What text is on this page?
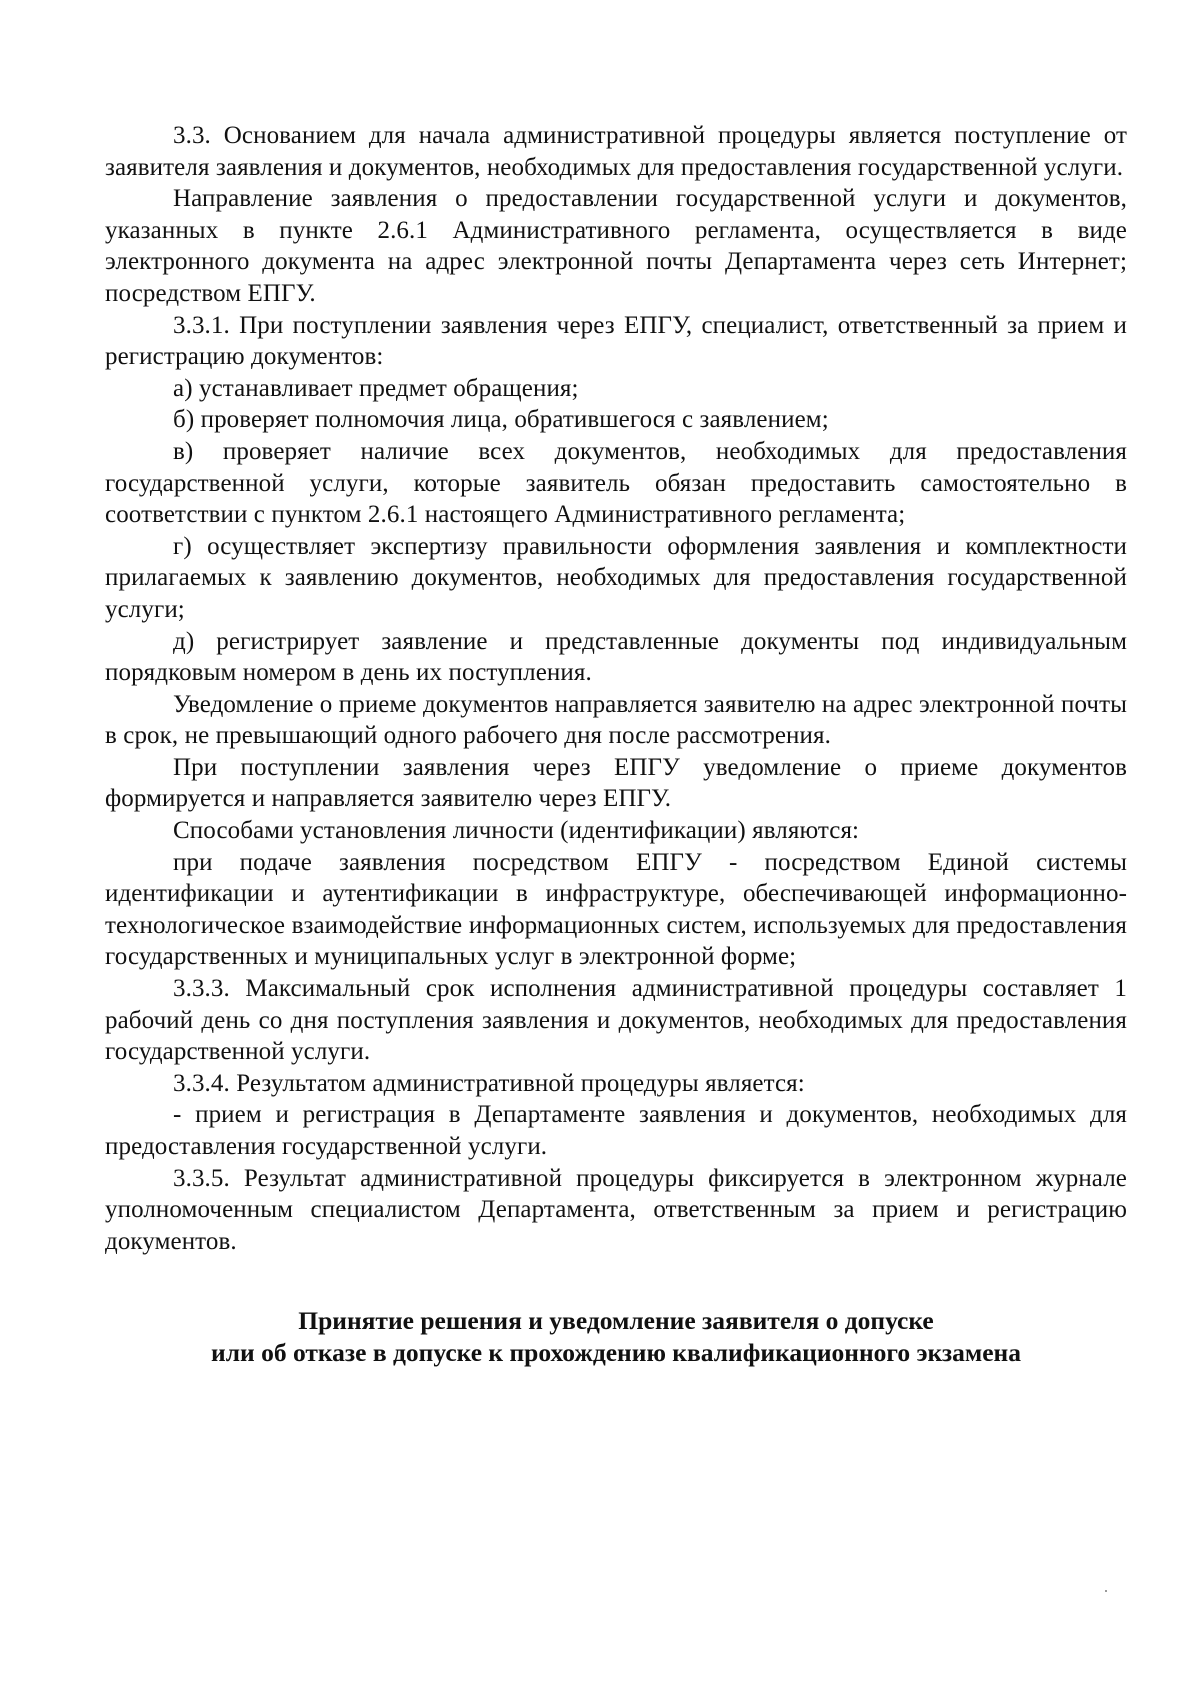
3.3. Основанием для начала административной процедуры является поступление от заявителя заявления и документов, необходимых для предоставления государственной услуги.

Направление заявления о предоставлении государственной услуги и документов, указанных в пункте 2.6.1 Административного регламента, осуществляется в виде электронного документа на адрес электронной почты Департамента через сеть Интернет; посредством ЕПГУ.

3.3.1. При поступлении заявления через ЕПГУ, специалист, ответственный за прием и регистрацию документов:

а) устанавливает предмет обращения;

б) проверяет полномочия лица, обратившегося с заявлением;

в) проверяет наличие всех документов, необходимых для предоставления государственной услуги, которые заявитель обязан предоставить самостоятельно в соответствии с пунктом 2.6.1 настоящего Административного регламента;

г) осуществляет экспертизу правильности оформления заявления и комплектности прилагаемых к заявлению документов, необходимых для предоставления государственной услуги;

д) регистрирует заявление и представленные документы под индивидуальным порядковым номером в день их поступления.

Уведомление о приеме документов направляется заявителю на адрес электронной почты в срок, не превышающий одного рабочего дня после рассмотрения.

При поступлении заявления через ЕПГУ уведомление о приеме документов формируется и направляется заявителю через ЕПГУ.

Способами установления личности (идентификации) являются:

при подаче заявления посредством ЕПГУ - посредством Единой системы идентификации и аутентификации в инфраструктуре, обеспечивающей информационно-технологическое взаимодействие информационных систем, используемых для предоставления государственных и муниципальных услуг в электронной форме;

3.3.3. Максимальный срок исполнения административной процедуры составляет 1 рабочий день со дня поступления заявления и документов, необходимых для предоставления государственной услуги.

3.3.4. Результатом административной процедуры является:

- прием и регистрация в Департаменте заявления и документов, необходимых для предоставления государственной услуги.

3.3.5. Результат административной процедуры фиксируется в электронном журнале уполномоченным специалистом Департамента, ответственным за прием и регистрацию документов.

Принятие решения и уведомление заявителя о допуске
или об отказе в допуске к прохождению квалификационного экзамена
